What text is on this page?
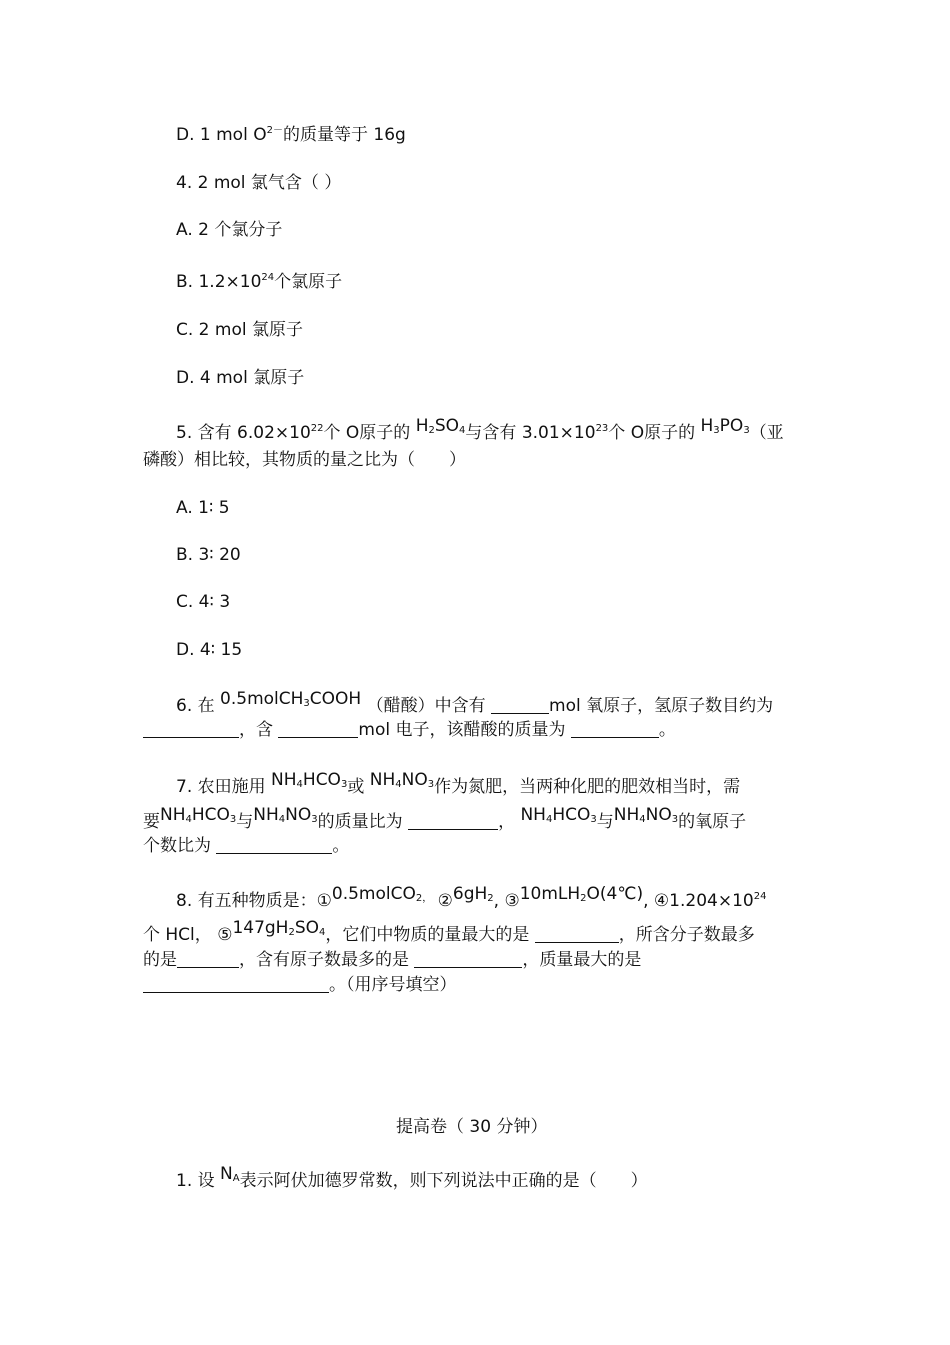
D. 1 mol $O^{2-}$的质量等于 16g
4. 2 mol 氯气含（ ）
A. 2 个氯分子
B. $1.2\times 10^{24}$个氯原子
C. 2 mol 氯原子
D. 4 mol 氯原子
5. 含有 $6.02\times 10^{22}$个 O原子的 $H_2SO_4$与含有 $3.01\times 10^{23}$个 O原子的 $H_3PO_3$（亚
磷酸）相比较，其物质的量之比为（　　）
A. 1∶ 5
B. 3∶ 20
C. 4∶ 3
D. 4∶ 15
6. 在 0.5molCH$_3$COOH （醋酸）中含有	mol 氧原子，氢原子数目约为
，含	mol 电子，该醋酸的质量为	。
7. 农田施用 $NH_4HCO_3$或 $NH_4NO_3$作为氮肥，当两种化肥的肥效相当时，需
要$NH_4HCO_3$与$NH_4NO_3$的质量比为	， $NH_4HCO_3$与$NH_4NO_3$的氧原子
个数比为	。
8. 有五种物质是：①0.5molCO$_{2,}$ $②6gH_2$, ③10mLH$_2$O(4℃), $④1.204\times 10^{24}$
个 HCl， $⑤147gH_2SO_4$，它们中物质的量最大的是	，所含分子数最多
的是	，含有原子数最多的是	，质量最大的是
。（用序号填空）
提高卷（ 30 分钟）
1. 设 $N_A$表示阿伏加德罗常数，则下列说法中正确的是（　　）
